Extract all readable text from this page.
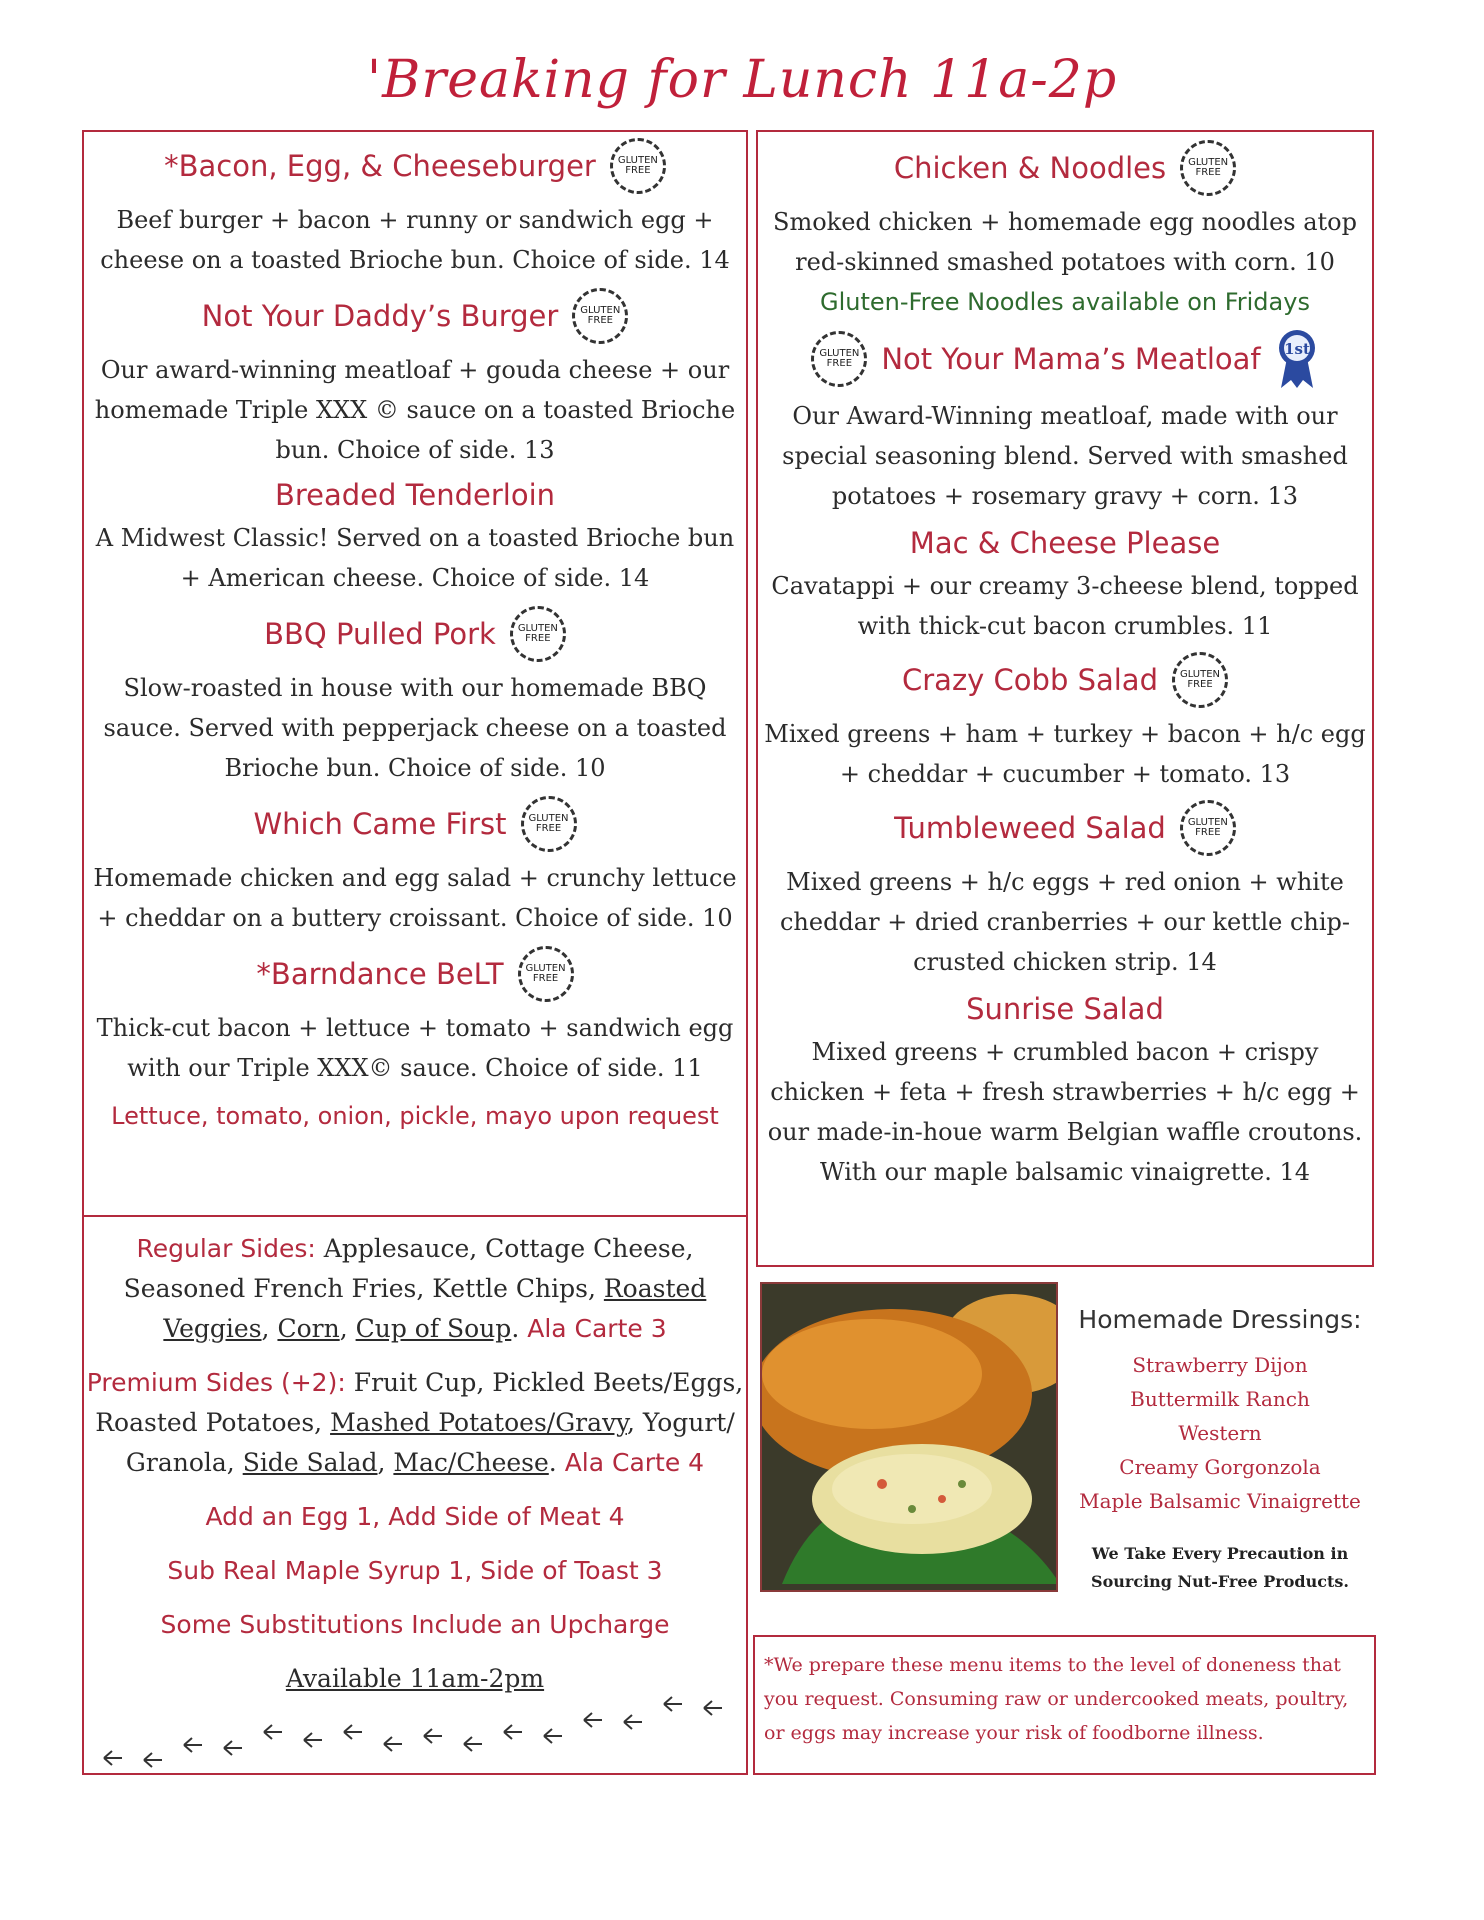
'Breaking for Lunch 11a-2p
*Bacon, Egg, & Cheeseburger	GLUTEN FREE
Beef burger + bacon + runny or sandwich egg + cheese on a toasted Brioche bun. Choice of side. 14
Not Your Daddy’s Burger	GLUTEN FREE
Our award-winning meatloaf + gouda cheese + our homemade Triple XXX © sauce on a toasted Brioche bun. Choice of side. 13
Breaded Tenderloin
A Midwest Classic! Served on a toasted Brioche bun + American cheese. Choice of side. 14
BBQ Pulled Pork	GLUTEN FREE
Slow-roasted in house with our homemade BBQ sauce. Served with pepperjack cheese on a toasted Brioche bun. Choice of side. 10
Which Came First	GLUTEN FREE
Homemade chicken and egg salad + crunchy lettuce + cheddar on a buttery croissant. Choice of side. 10
*Barndance BeLT	GLUTEN FREE
Thick-cut bacon + lettuce + tomato + sandwich egg with our Triple XXX© sauce. Choice of side. 11
Lettuce, tomato, onion, pickle, mayo upon request
Chicken & Noodles	GLUTEN FREE
Smoked chicken + homemade egg noodles atop red-skinned smashed potatoes with corn. 10
Gluten-Free Noodles available on Fridays
GLUTEN FREE	Not Your Mama’s Meatloaf 1st
Our Award-Winning meatloaf, made with our special seasoning blend. Served with smashed potatoes + rosemary gravy + corn. 13
Mac & Cheese Please
Cavatappi + our creamy 3-cheese blend, topped with thick-cut bacon crumbles. 11
Crazy Cobb Salad	GLUTEN FREE
Mixed greens + ham + turkey + bacon + h/c egg + cheddar + cucumber + tomato. 13
Tumbleweed Salad	GLUTEN FREE
Mixed greens + h/c eggs + red onion + white cheddar + dried cranberries + our kettle chip-crusted chicken strip. 14
Sunrise Salad
Mixed greens + crumbled bacon + crispy chicken + feta + fresh strawberries + h/c egg + our made-in-houe warm Belgian waffle croutons. With our maple balsamic vinaigrette. 14
Regular Sides: Applesauce, Cottage Cheese, Seasoned French Fries, Kettle Chips, Roasted Veggies, Corn, Cup of Soup. Ala Carte 3
Premium Sides (+2): Fruit Cup, Pickled Beets/Eggs, Roasted Potatoes, Mashed Potatoes/Gravy, Yogurt/ Granola, Side Salad, Mac/Cheese. Ala Carte 4
Add an Egg 1, Add Side of Meat 4
Sub Real Maple Syrup 1, Side of Toast 3
Some Substitutions Include an Upcharge
Available 11am-2pm
Homemade Dressings:
Strawberry Dijon
Buttermilk Ranch
Western
Creamy Gorgonzola
Maple Balsamic Vinaigrette
We Take Every Precaution in
Sourcing Nut-Free Products.
*We prepare these menu items to the level of doneness that you request. Consuming raw or undercooked meats, poultry, or eggs may increase your risk of foodborne illness.
